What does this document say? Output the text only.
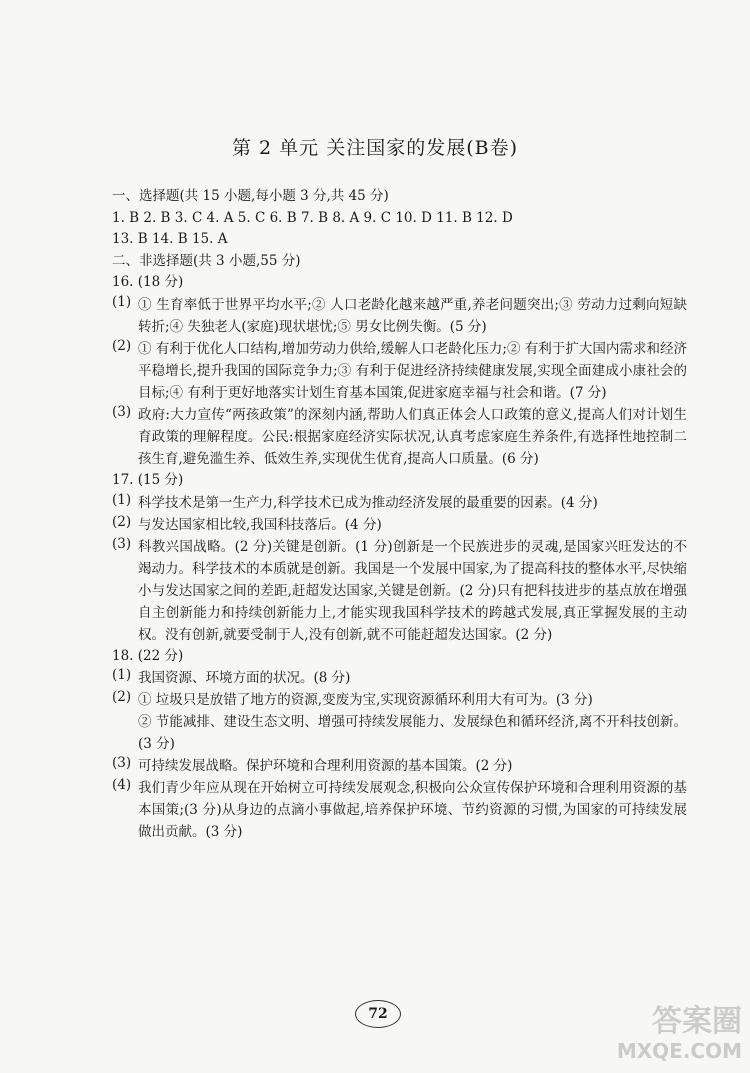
第 2 单元 关注国家的发展(B卷)
一、选择题(共 15 小题,每小题 3 分,共 45 分)
1. B 2. B 3. C 4. A 5. C 6. B 7. B 8. A 9. C 10. D 11. B 12. D
13. B 14. B 15. A
二、非选择题(共 3 小题,55 分)
16. (18 分)
(1) ① 生育率低于世界平均水平;② 人口老龄化越来越严重,养老问题突出;③ 劳动力过剩向短缺转折;④ 失独老人(家庭)现状堪忧;⑤ 男女比例失衡。(5 分)

(2) ① 有利于优化人口结构,增加劳动力供给,缓解人口老龄化压力;② 有利于扩大国内需求和经济平稳增长,提升我国的国际竞争力;③ 有利于促进经济持续健康发展,实现全面建成小康社会的目标;④ 有利于更好地落实计划生育基本国策,促进家庭幸福与社会和谐。(7 分)

(3) 政府:大力宣传“两孩政策”的深刻内涵,帮助人们真正体会人口政策的意义,提高人们对计划生育政策的理解程度。公民:根据家庭经济实际状况,认真考虑家庭生养条件,有选择性地控制二孩生育,避免滥生养、低效生养,实现优生优育,提高人口质量。(6 分)

17. (15 分)
(1) 科学技术是第一生产力,科学技术已成为推动经济发展的最重要的因素。(4 分)

(2) 与发达国家相比较,我国科技落后。(4 分)

(3) 科教兴国战略。(2 分)关键是创新。(1 分)创新是一个民族进步的灵魂,是国家兴旺发达的不竭动力。科学技术的本质就是创新。我国是一个发展中国家,为了提高科技的整体水平,尽快缩小与发达国家之间的差距,赶超发达国家,关键是创新。(2 分)只有把科技进步的基点放在增强自主创新能力和持续创新能力上,才能实现我国科学技术的跨越式发展,真正掌握发展的主动权。没有创新,就要受制于人,没有创新,就不可能赶超发达国家。(2 分)

18. (22 分)
(1) 我国资源、环境方面的状况。(8 分)

(2) ① 垃圾只是放错了地方的资源,变废为宝,实现资源循环利用大有可为。(3 分)

② 节能减排、建设生态文明、增强可持续发展能力、发展绿色和循环经济,离不开科技创新。(3 分)

(3) 可持续发展战略。保护环境和合理利用资源的基本国策。(2 分)

(4) 我们青少年应从现在开始树立可持续发展观念,积极向公众宣传保护环境和合理利用资源的基本国策;(3 分)从身边的点滴小事做起,培养保护环境、节约资源的习惯,为国家的可持续发展做出贡献。(3 分)

72	答案圈
MXQE.COM
